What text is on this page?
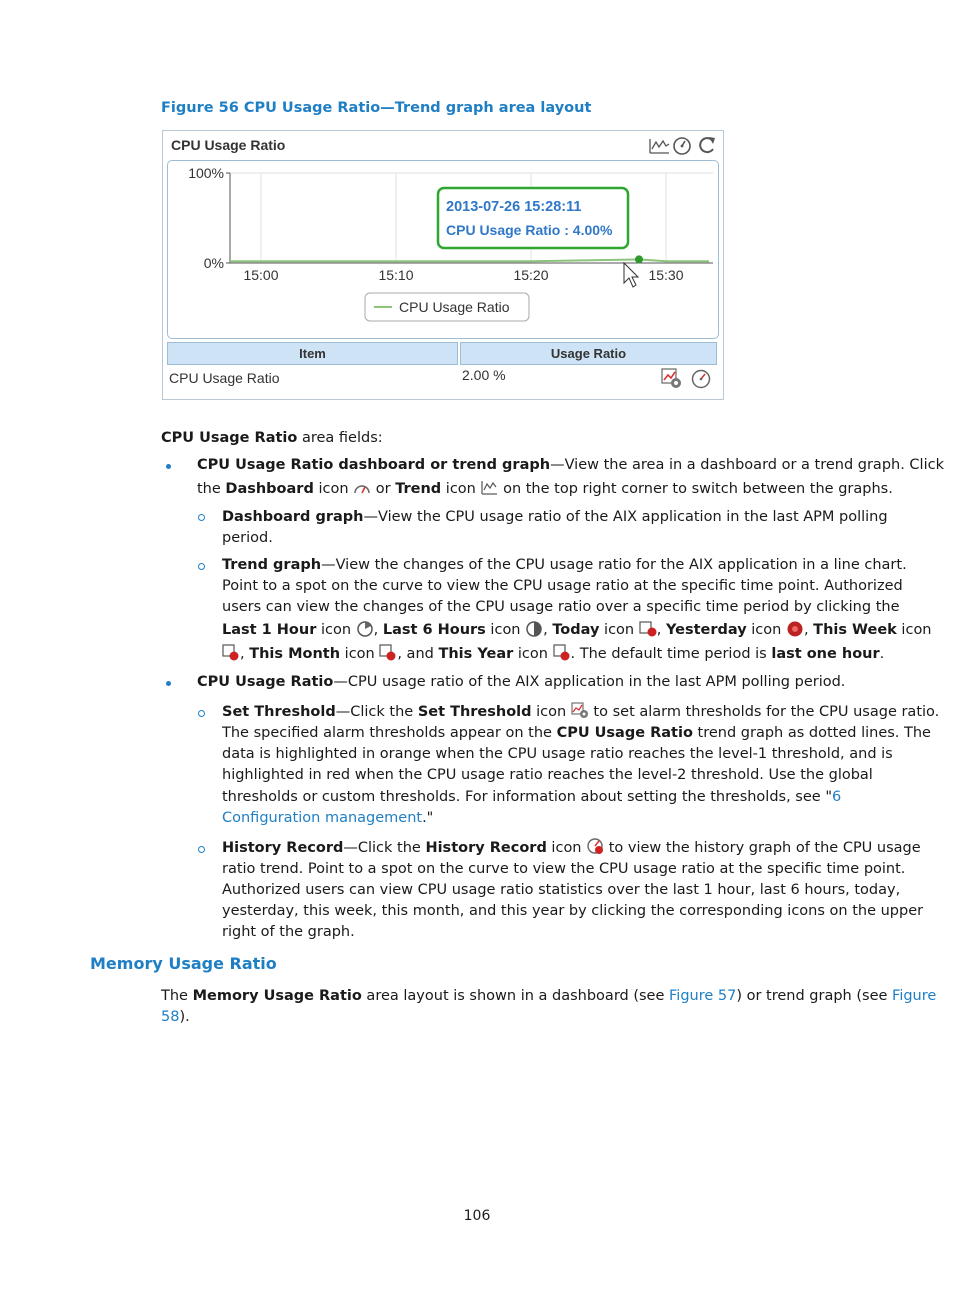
Figure 56 CPU Usage Ratio—Trend graph area layout
CPU Usage Ratio
100%
0%
15:00	15:10	15:20	15:30
2013-07-26 15:28:11
CPU Usage Ratio : 4.00%
CPU Usage Ratio
Item	Usage Ratio
CPU Usage Ratio	2.00 %
CPU Usage Ratio area fields:
CPU Usage Ratio dashboard or trend graph—View the area in a dashboard or a trend graph. Click
the Dashboard icon  or Trend icon  on the top right corner to switch between the graphs.
Dashboard graph—View the CPU usage ratio of the AIX application in the last APM polling
period.
Trend graph—View the changes of the CPU usage ratio for the AIX application in a line chart.
Point to a spot on the curve to view the CPU usage ratio at the specific time point. Authorized
users can view the changes of the CPU usage ratio over a specific time period by clicking the
Last 1 Hour icon , Last 6 Hours icon , Today icon , Yesterday icon , This Week icon
, This Month icon , and This Year icon . The default time period is last one hour.
CPU Usage Ratio—CPU usage ratio of the AIX application in the last APM polling period.
Set Threshold—Click the Set Threshold icon  to set alarm thresholds for the CPU usage ratio.
The specified alarm thresholds appear on the CPU Usage Ratio trend graph as dotted lines. The
data is highlighted in orange when the CPU usage ratio reaches the level-1 threshold, and is
highlighted in red when the CPU usage ratio reaches the level-2 threshold. Use the global
thresholds or custom thresholds. For information about setting the thresholds, see "6
Configuration management."
History Record—Click the History Record icon  to view the history graph of the CPU usage
ratio trend. Point to a spot on the curve to view the CPU usage ratio at the specific time point.
Authorized users can view CPU usage ratio statistics over the last 1 hour, last 6 hours, today,
yesterday, this week, this month, and this year by clicking the corresponding icons on the upper
right of the graph.
Memory Usage Ratio
The Memory Usage Ratio area layout is shown in a dashboard (see Figure 57) or trend graph (see Figure
58).
106
